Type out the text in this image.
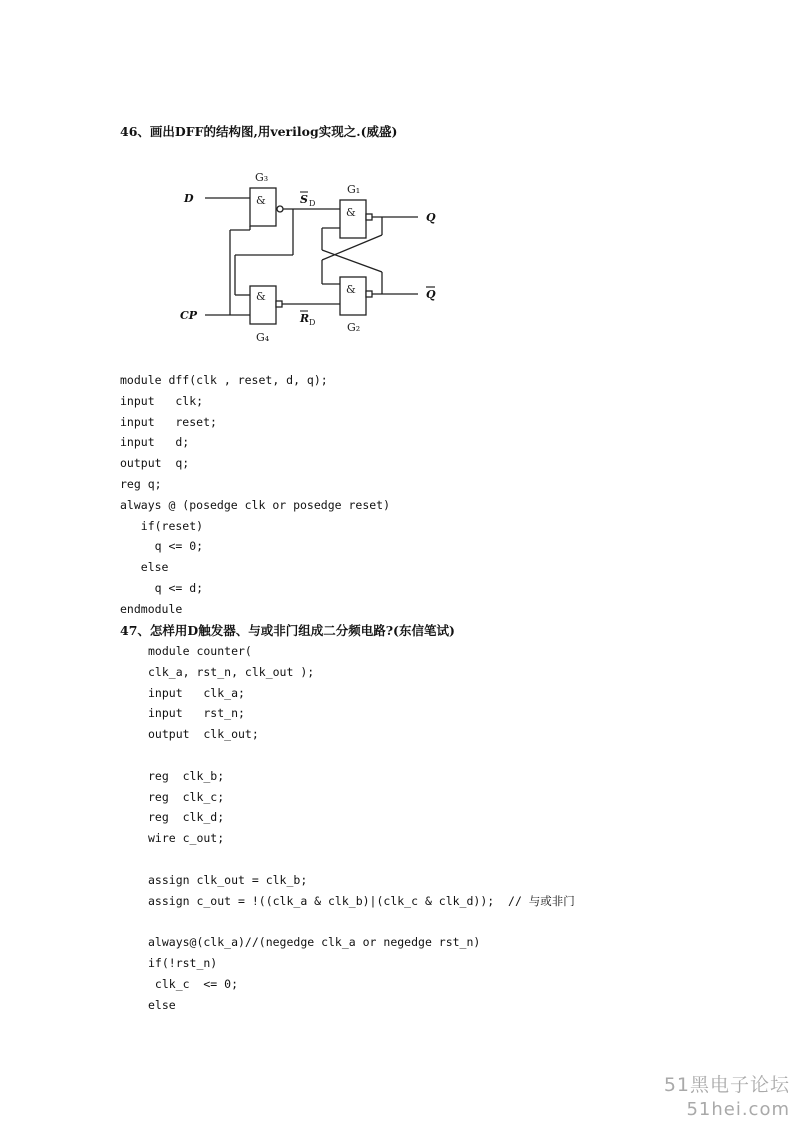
46、画出DFF的结构图,用verilog实现之.(威盛)
D
CP
Q
Q
G₃
G₄
G₁
G₂
&
&
&
&
S D
R D
module dff(clk , reset, d, q);
input   clk;
input   reset;
input   d;
output  q;
reg q;
always @ (posedge clk or posedge reset)
if(reset)
q <= 0;
else
q <= d;
endmodule
47、怎样用D触发器、与或非门组成二分频电路?(东信笔试)
module counter(
clk_a, rst_n, clk_out );
input   clk_a;
input   rst_n;
output  clk_out;
reg  clk_b;
reg  clk_c;
reg  clk_d;
wire c_out;
assign clk_out = clk_b;
assign c_out = !((clk_a & clk_b)|(clk_c & clk_d));  // 与或非门
always@(clk_a)//(negedge clk_a or negedge rst_n)
if(!rst_n)
clk_c  <= 0;
else
51黑电子论坛
51hei.com
